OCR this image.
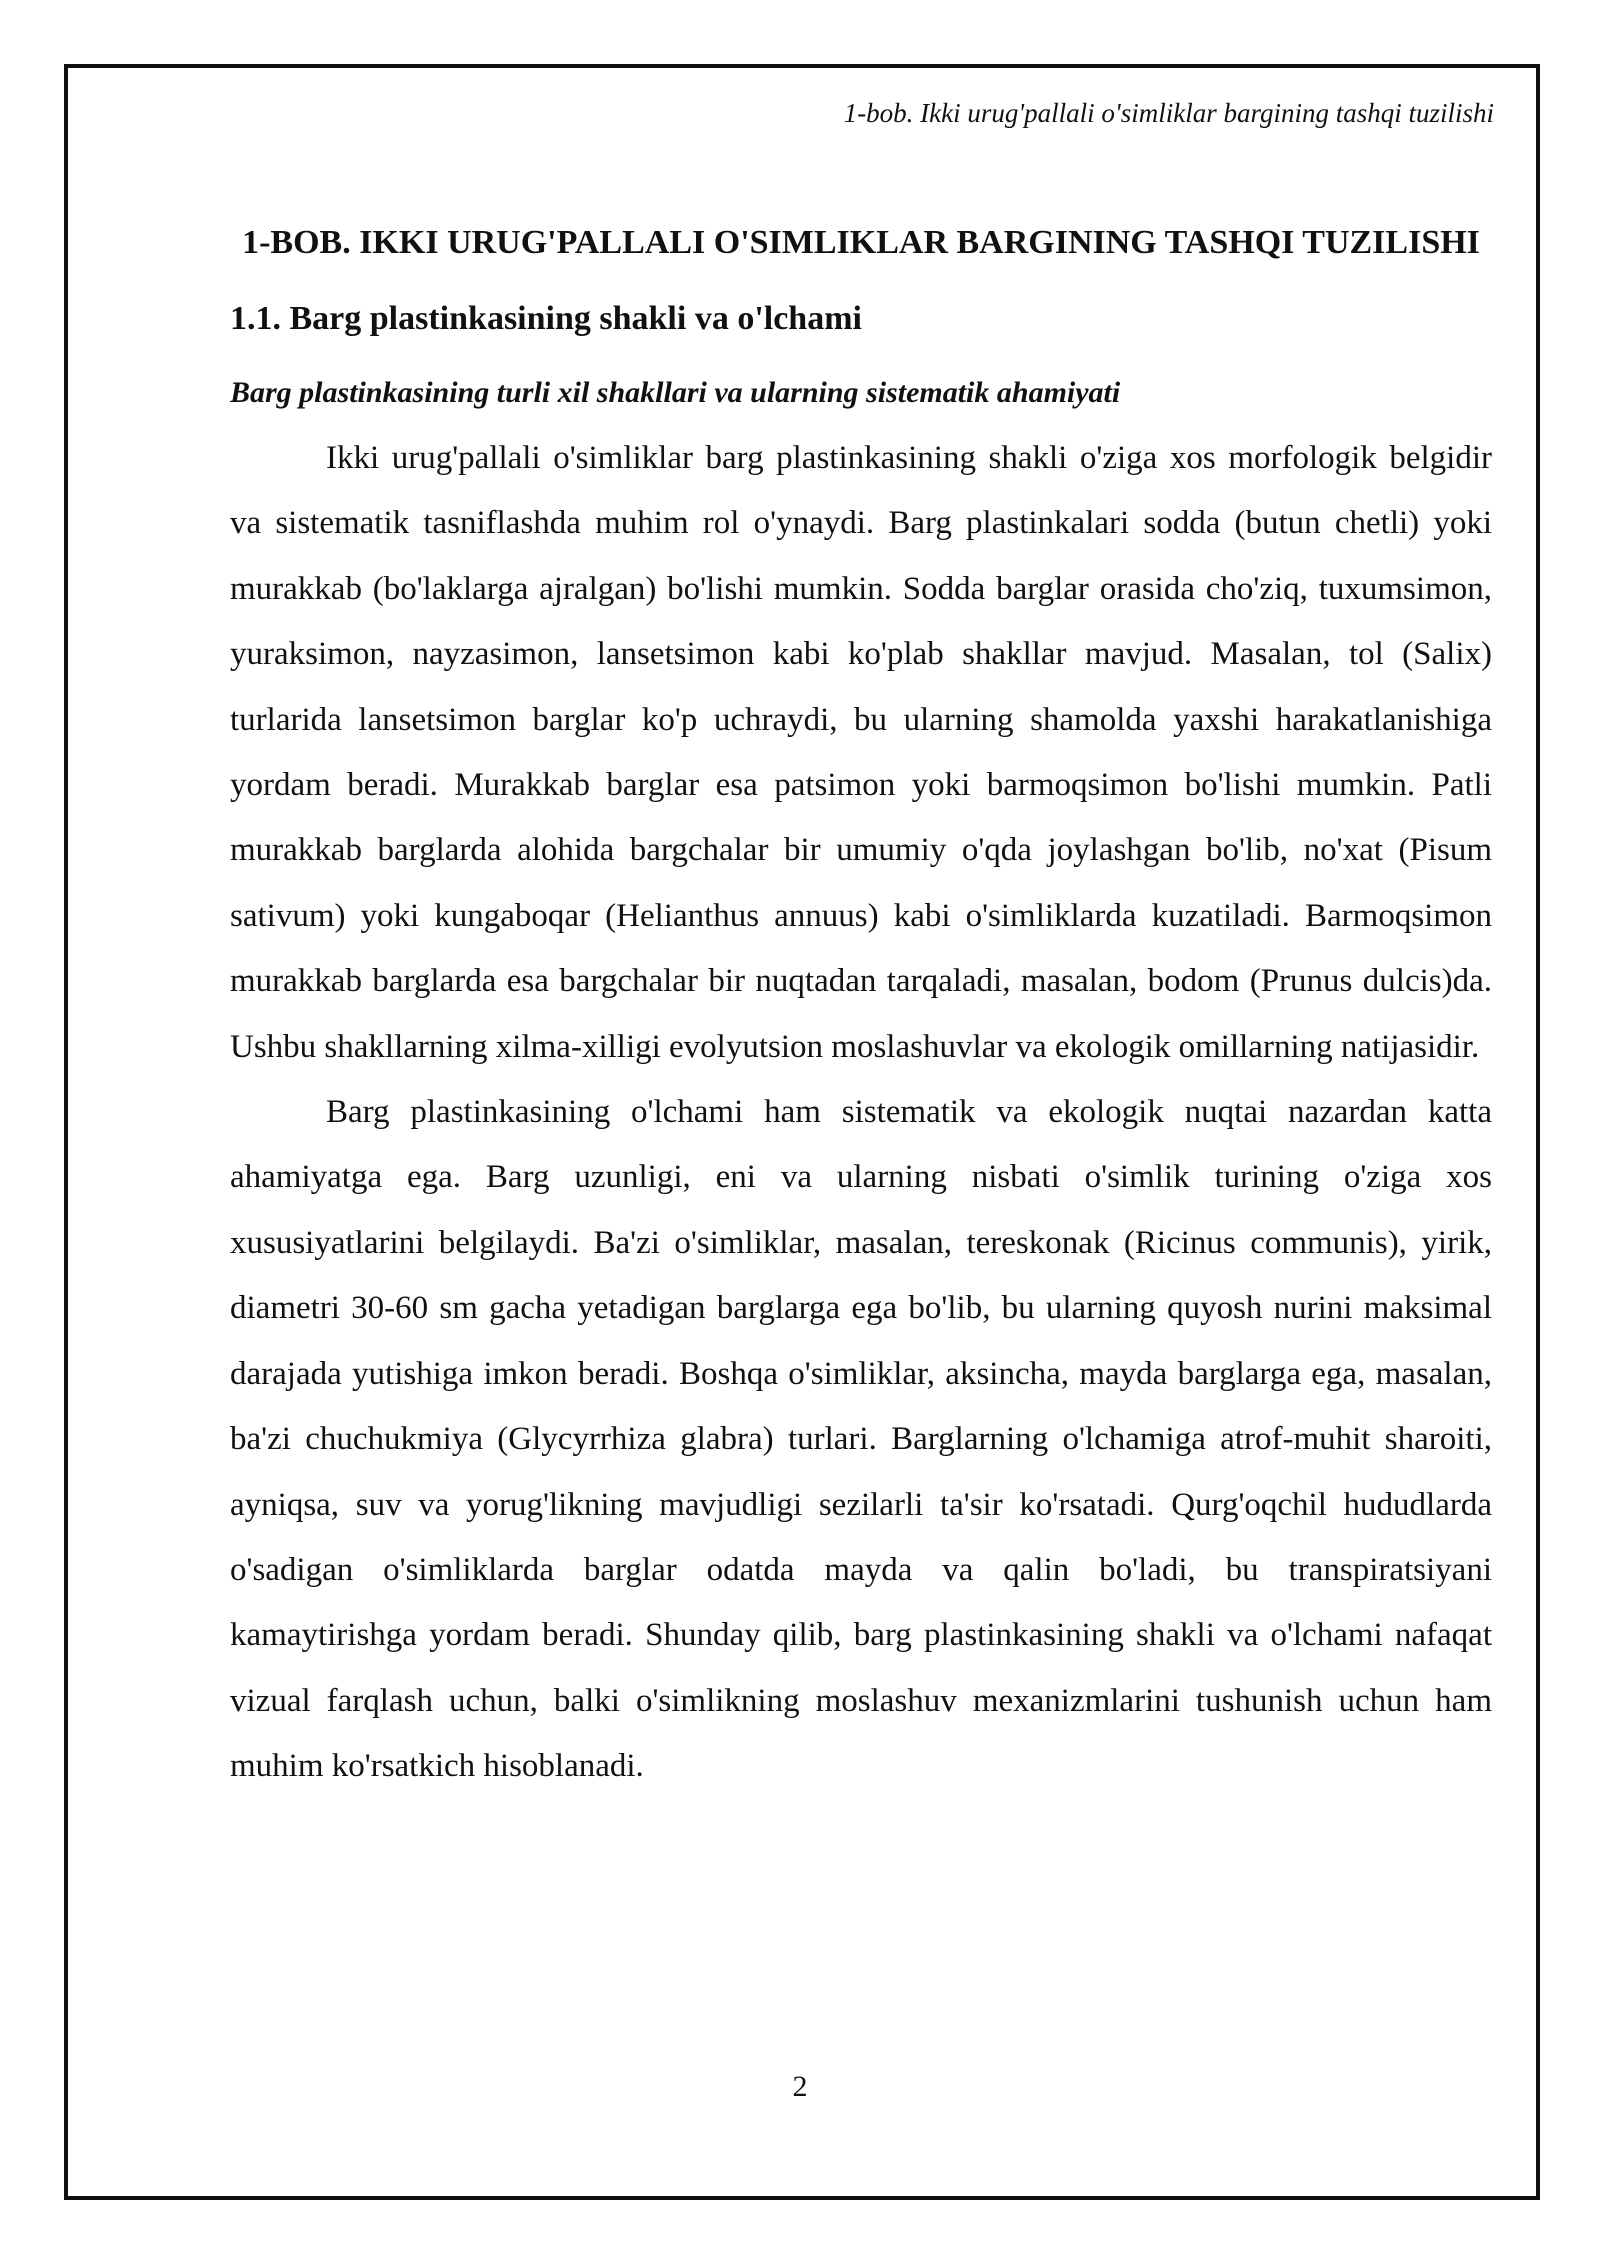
1-bob. Ikki urug'pallali o'simliklar bargining tashqi tuzilishi
1-BOB. IKKI URUG'PALLALI O'SIMLIKLAR BARGINING TASHQI TUZILISHI
1.1. Barg plastinkasining shakli va o'lchami
Barg plastinkasining turli xil shakllari va ularning sistematik ahamiyati

Ikki urug'pallali o'simliklar barg plastinkasining shakli o'ziga xos morfologik belgidir va sistematik tasniflashda muhim rol o'ynaydi. Barg plastinkalari sodda (butun chetli) yoki murakkab (bo'laklarga ajralgan) bo'lishi mumkin. Sodda barglar orasida cho'ziq, tuxumsimon, yuraksimon, nayzasimon, lansetsimon kabi ko'plab shakllar mavjud. Masalan, tol (Salix) turlarida lansetsimon barglar ko'p uchraydi, bu ularning shamolda yaxshi harakatlanishiga yordam beradi. Murakkab barglar esa patsimon yoki barmoqsimon bo'lishi mumkin. Patli murakkab barglarda alohida bargchalar bir umumiy o'qda joylashgan bo'lib, no'xat (Pisum sativum) yoki kungaboqar (Helianthus annuus) kabi o'simliklarda kuzatiladi. Barmoqsimon murakkab barglarda esa bargchalar bir nuqtadan tarqaladi, masalan, bodom (Prunus dulcis)da. Ushbu shakllarning xilma-xilligi evolyutsion moslashuvlar va ekologik omillarning natijasidir.

Barg plastinkasining o'lchami ham sistematik va ekologik nuqtai nazardan katta ahamiyatga ega. Barg uzunligi, eni va ularning nisbati o'simlik turining o'ziga xos xususiyatlarini belgilaydi. Ba'zi o'simliklar, masalan, tereskonak (Ricinus communis), yirik, diametri 30-60 sm gacha yetadigan barglarga ega bo'lib, bu ularning quyosh nurini maksimal darajada yutishiga imkon beradi. Boshqa o'simliklar, aksincha, mayda barglarga ega, masalan, ba'zi chuchukmiya (Glycyrrhiza glabra) turlari. Barglarning o'lchamiga atrof-muhit sharoiti, ayniqsa, suv va yorug'likning mavjudligi sezilarli ta'sir ko'rsatadi. Qurg'oqchil hududlarda o'sadigan o'simliklarda barglar odatda mayda va qalin bo'ladi, bu transpiratsiyani kamaytirishga yordam beradi. Shunday qilib, barg plastinkasining shakli va o'lchami nafaqat vizual farqlash uchun, balki o'simlikning moslashuv mexanizmlarini tushunish uchun ham muhim ko'rsatkich hisoblanadi.

2
